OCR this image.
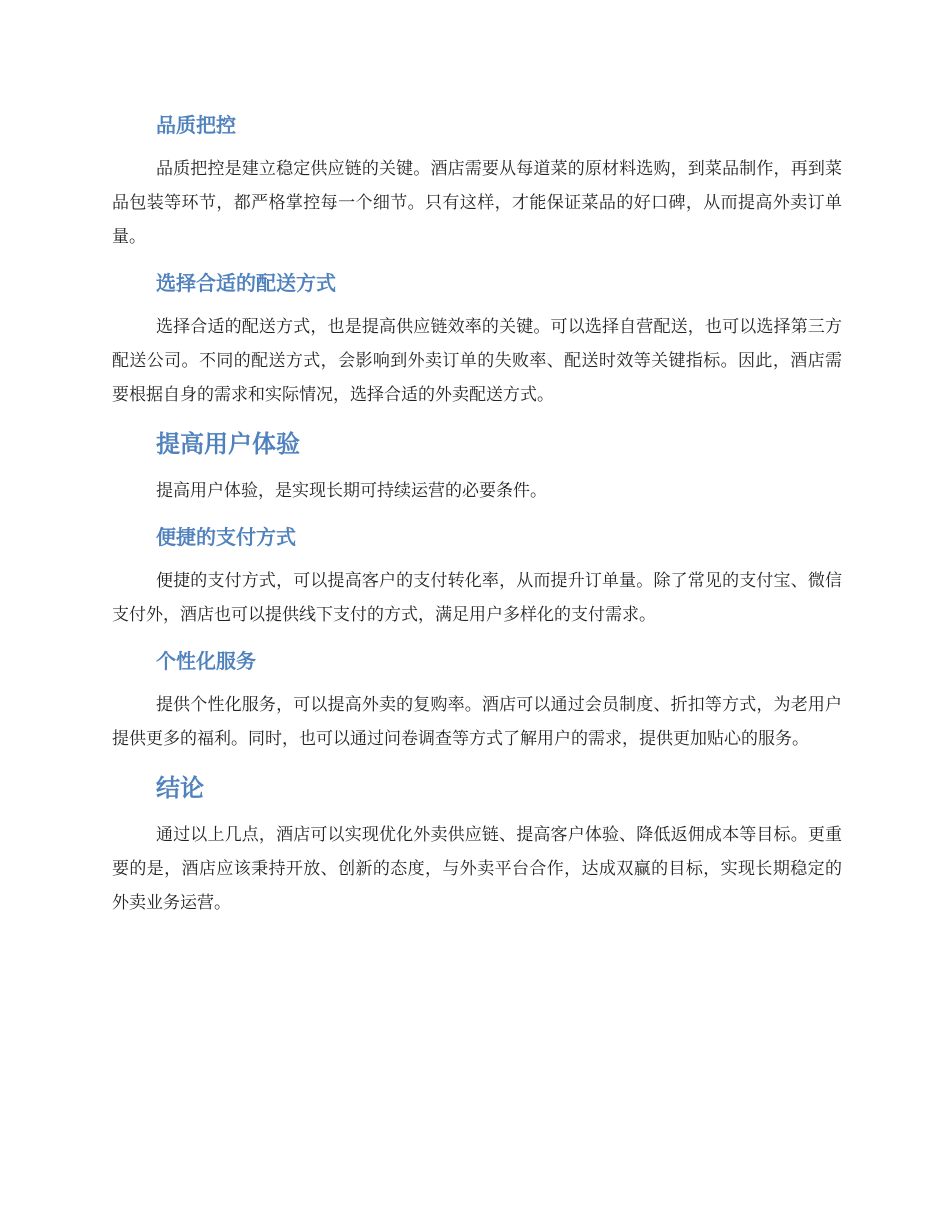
品质把控

品质把控是建立稳定供应链的关键。酒店需要从每道菜的原材料选购，到菜品制作，再到菜品包装等环节，都严格掌控每一个细节。只有这样，才能保证菜品的好口碑，从而提高外卖订单量。

选择合适的配送方式

选择合适的配送方式，也是提高供应链效率的关键。可以选择自营配送，也可以选择第三方配送公司。不同的配送方式，会影响到外卖订单的失败率、配送时效等关键指标。因此，酒店需要根据自身的需求和实际情况，选择合适的外卖配送方式。

提高用户体验

提高用户体验，是实现长期可持续运营的必要条件。

便捷的支付方式

便捷的支付方式，可以提高客户的支付转化率，从而提升订单量。除了常见的支付宝、微信支付外，酒店也可以提供线下支付的方式，满足用户多样化的支付需求。

个性化服务

提供个性化服务，可以提高外卖的复购率。酒店可以通过会员制度、折扣等方式，为老用户提供更多的福利。同时，也可以通过问卷调查等方式了解用户的需求，提供更加贴心的服务。

结论

通过以上几点，酒店可以实现优化外卖供应链、提高客户体验、降低返佣成本等目标。更重要的是，酒店应该秉持开放、创新的态度，与外卖平台合作，达成双赢的目标，实现长期稳定的外卖业务运营。
